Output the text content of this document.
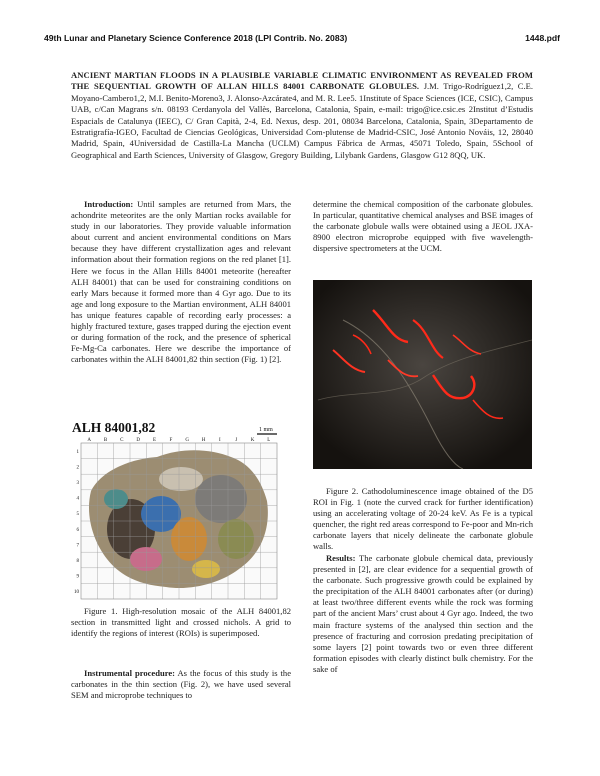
49th Lunar and Planetary Science Conference 2018 (LPI Contrib. No. 2083)	1448.pdf
ANCIENT MARTIAN FLOODS IN A PLAUSIBLE VARIABLE CLIMATIC ENVIRONMENT AS REVEALED FROM THE SEQUENTIAL GROWTH OF ALLAN HILLS 84001 CARBONATE GLOBULES. J.M. Trigo-Rodríguez1,2, C.E. Moyano-Cambero1,2, M.I. Benito-Moreno3, J. Alonso-Azcárate4, and M. R. Lee5. 1Institute of Space Sciences (ICE, CSIC), Campus UAB, c/Can Magrans s/n. 08193 Cerdanyola del Vallès, Barcelona, Catalonia, Spain, e-mail: trigo@ice.csic.es 2Institut d’Estudis Espacials de Catalunya (IEEC), C/ Gran Capità, 2-4, Ed. Nexus, desp. 201, 08034 Barcelona, Catalonia, Spain, 3Departamento de Estratigrafía-IGEO, Facultad de Ciencias Geológicas, Universidad Com-plutense de Madrid-CSIC, José Antonio Nováis, 12, 28040 Madrid, Spain, 4Universidad de Castilla-La Mancha (UCLM) Campus Fábrica de Armas, 45071 Toledo, Spain, 5School of Geographical and Earth Sciences, University of Glasgow, Gregory Building, Lilybank Gardens, Glasgow G12 8QQ, UK.

Introduction: Until samples are returned from Mars, the achondrite meteorites are the only Martian rocks available for study in our laboratories. They provide valuable information about current and ancient environmental conditions on Mars because they have different crystallization ages and relevant information about their formation regions on the red planet [1]. Here we focus in the Allan Hills 84001 meteorite (hereafter ALH 84001) that can be used for constraining conditions on early Mars because it formed more than 4 Gyr ago. Due to its age and long exposure to the Martian environment, ALH 84001 has unique features capable of recording early processes: a highly fractured texture, gases trapped during the ejection event or during formation of the rock, and the presence of spherical Fe-Mg-Ca carbonates. Here we describe the importance of carbonates within the ALH 84001,82 thin section (Fig. 1) [2].

ALH 84001,82	1 mm
A	B	C	D	E	F	G	H	I	J	K	L
1
2
3
4
5
6
7
8
9
10
Figure 1. High-resolution mosaic of the ALH 84001,82 section in transmitted light and crossed nichols. A grid to identify the regions of interest (ROIs) is superimposed.
Instrumental procedure: As the focus of this study is the carbonates in the thin section (Fig. 2), we have used several SEM and microprobe techniques to

determine the chemical composition of the carbonate globules. In particular, quantitative chemical analyses and BSE images of the carbonate globule walls were obtained using a JEOL JXA-8900 electron microprobe equipped with five wavelength-dispersive spectrometers at the UCM.

Figure 2. Cathodoluminescence image obtained of the D5 ROI in Fig. 1 (note the curved crack for further identification) using an accelerating voltage of 20-24 keV. As Fe is a typical quencher, the right red areas correspond to Fe-poor and Mn-rich carbonate layers that nicely delineate the carbonate globule walls.
Results: The carbonate globule chemical data, previously presented in [2], are clear evidence for a sequential growth of the carbonate. Such progressive growth could be explained by the precipitation of the ALH 84001 carbonates after (or during) at least two/three different events while the rock was forming part of the ancient Mars’ crust about 4 Gyr ago. Indeed, the two main fracture systems of the analysed thin section and the presence of fracturing and corrosion predating precipitation of some layers [2] point towards two or even three different formation episodes with clearly distinct bulk chemistry. For the sake of
